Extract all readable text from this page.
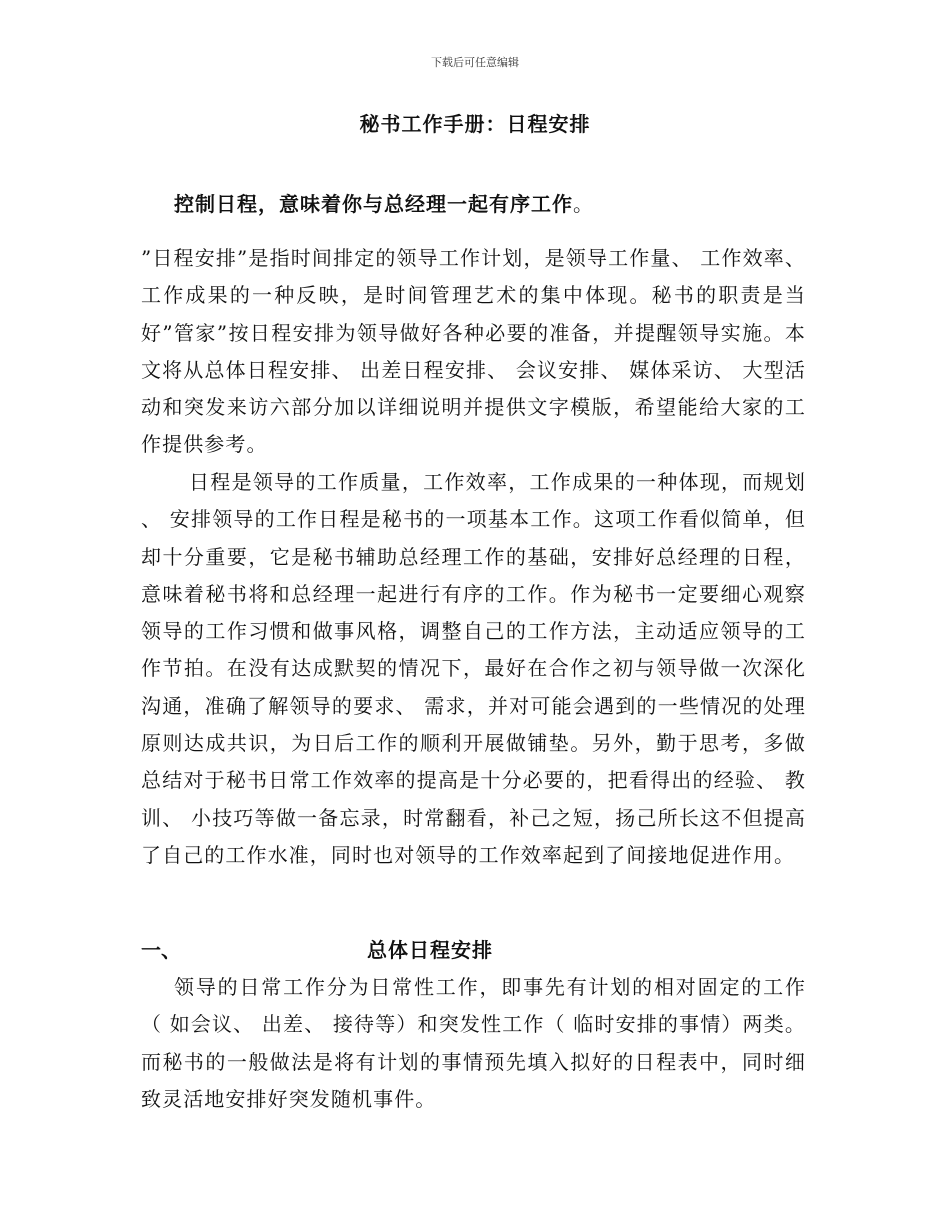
下载后可任意编辑
秘书工作手册：日程安排
控制日程，意味着你与总经理一起有序工作。

”日程安排”是指时间排定的领导工作计划，是领导工作量、 工作效率、 工作成果的一种反映，是时间管理艺术的集中体现。秘书的职责是当好”管家”按日程安排为领导做好各种必要的准备，并提醒领导实施。本文将从总体日程安排、 出差日程安排、 会议安排、 媒体采访、 大型活动和突发来访六部分加以详细说明并提供文字模版，希望能给大家的工作提供参考。

日程是领导的工作质量，工作效率，工作成果的一种体现，而规划 、 安排领导的工作日程是秘书的一项基本工作。这项工作看似简单，但却十分重要，它是秘书辅助总经理工作的基础，安排好总经理的日程，意味着秘书将和总经理一起进行有序的工作。作为秘书一定要细心观察领导的工作习惯和做事风格，调整自己的工作方法，主动适应领导的工作节拍。在没有达成默契的情况下，最好在合作之初与领导做一次深化沟通，准确了解领导的要求、 需求，并对可能会遇到的一些情况的处理原则达成共识，为日后工作的顺利开展做铺垫。另外，勤于思考，多做总结对于秘书日常工作效率的提高是十分必要的，把看得出的经验、 教训、 小技巧等做一备忘录，时常翻看，补己之短，扬己所长这不但提高了自己的工作水准，同时也对领导的工作效率起到了间接地促进作用。

一、	总体日程安排

领导的日常工作分为日常性工作，即事先有计划的相对固定的工作（ 如会议、 出差、 接待等）和突发性工作（ 临时安排的事情）两类。而秘书的一般做法是将有计划的事情预先填入拟好的日程表中，同时细致灵活地安排好突发随机事件。
